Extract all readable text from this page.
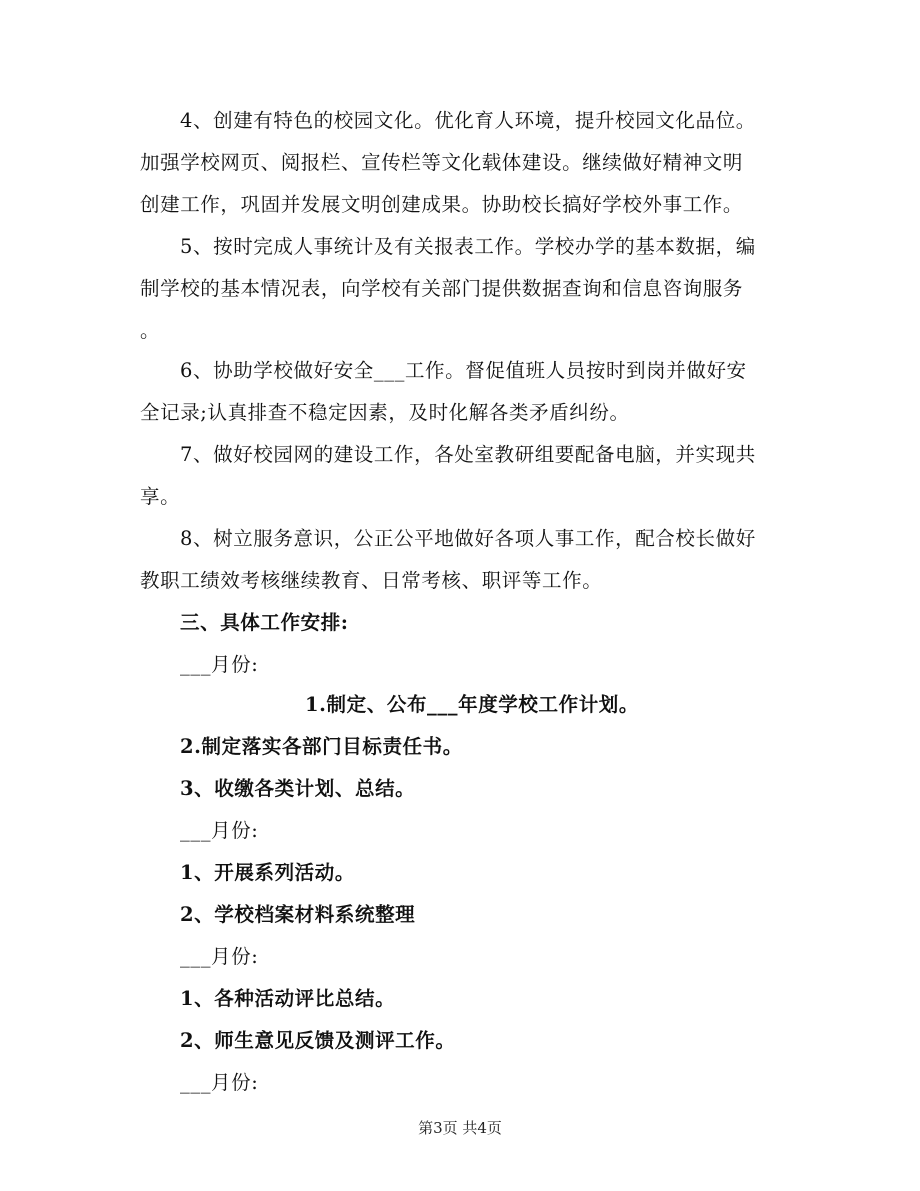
4、创建有特色的校园文化。优化育人环境，提升校园文化品位。
加强学校网页、阅报栏、宣传栏等文化载体建设。继续做好精神文明
创建工作，巩固并发展文明创建成果。协助校长搞好学校外事工作。
5、按时完成人事统计及有关报表工作。学校办学的基本数据，编
制学校的基本情况表，向学校有关部门提供数据查询和信息咨询服务
。
6、协助学校做好安全___工作。督促值班人员按时到岗并做好安
全记录;认真排查不稳定因素，及时化解各类矛盾纠纷。
7、做好校园网的建设工作，各处室教研组要配备电脑，并实现共
享。
8、树立服务意识，公正公平地做好各项人事工作，配合校长做好
教职工绩效考核继续教育、日常考核、职评等工作。
三、具体工作安排:
___月份:
1.制定、公布___年度学校工作计划。
2.制定落实各部门目标责任书。
3、收缴各类计划、总结。
___月份:
1、开展系列活动。
2、学校档案材料系统整理
___月份:
1、各种活动评比总结。
2、师生意见反馈及测评工作。
___月份:
第3页 共4页
